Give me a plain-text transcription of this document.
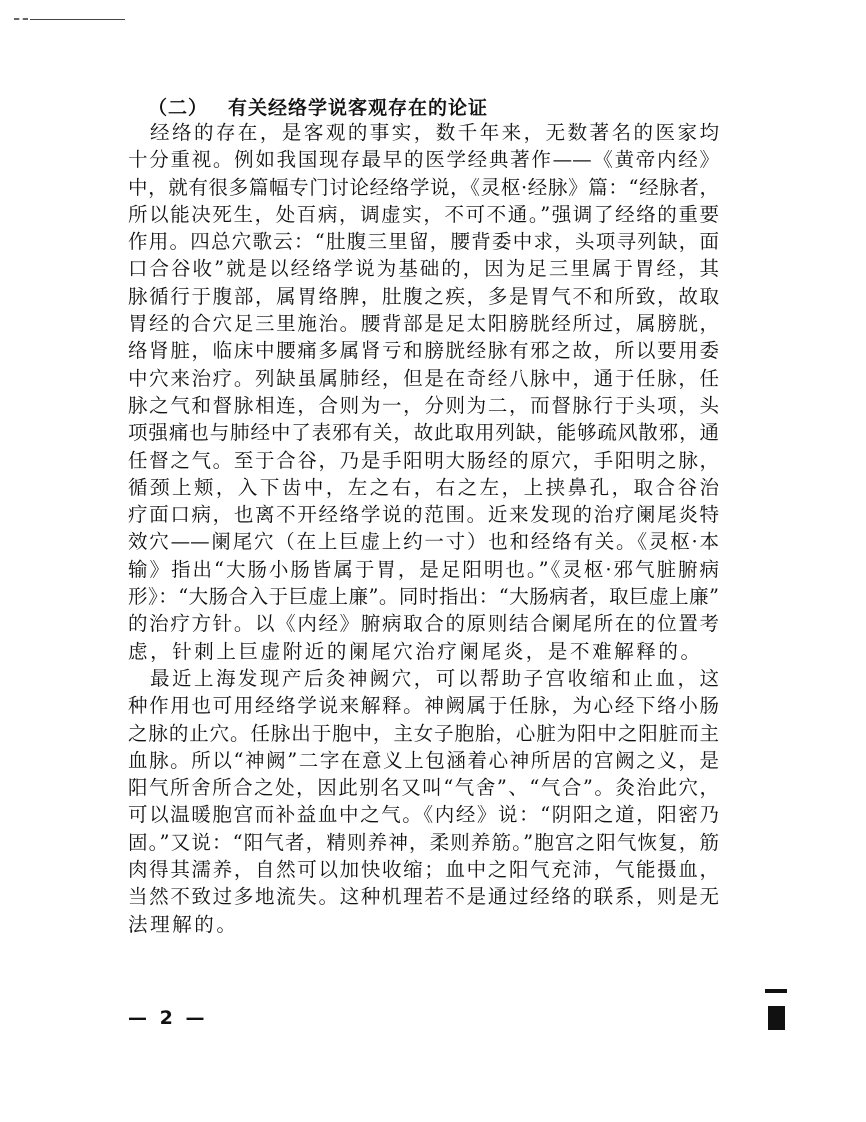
（二） 有关经络学说客观存在的论证
经络的存在，是客观的事实，数千年来，无数著名的医家均
十分重视。例如我国现存最早的医学经典著作——《黄帝内经》
中，就有很多篇幅专门讨论经络学说，《灵枢·经脉》篇：“经脉者，
所以能决死生，处百病，调虚实，不可不通。”强调了经络的重要
作用。四总穴歌云：“肚腹三里留，腰背委中求，头项寻列缺，面
口合谷收”就是以经络学说为基础的，因为足三里属于胃经，其
脉循行于腹部，属胃络脾，肚腹之疾，多是胃气不和所致，故取
胃经的合穴足三里施治。腰背部是足太阳膀胱经所过，属膀胱，
络肾脏，临床中腰痛多属肾亏和膀胱经脉有邪之故，所以要用委
中穴来治疗。列缺虽属肺经，但是在奇经八脉中，通于任脉，任
脉之气和督脉相连，合则为一，分则为二，而督脉行于头项，头
项强痛也与肺经中了表邪有关，故此取用列缺，能够疏风散邪，通
任督之气。至于合谷，乃是手阳明大肠经的原穴，手阳明之脉，
循颈上颊，入下齿中，左之右，右之左，上挟鼻孔，取合谷治
疗面口病，也离不开经络学说的范围。近来发现的治疗阑尾炎特
效穴——阑尾穴（在上巨虚上约一寸）也和经络有关。《灵枢·本
输》指出“大肠小肠皆属于胃，是足阳明也。”《灵枢·邪气脏腑病
形》：“大肠合入于巨虚上廉”。同时指出：“大肠病者，取巨虚上廉”
的治疗方针。以《内经》腑病取合的原则结合阑尾所在的位置考
虑，针刺上巨虚附近的阑尾穴治疗阑尾炎，是不难解释的。
最近上海发现产后灸神阙穴，可以帮助子宫收缩和止血，这
种作用也可用经络学说来解释。神阙属于任脉，为心经下络小肠
之脉的止穴。任脉出于胞中，主女子胞胎，心脏为阳中之阳脏而主
血脉。所以“神阙”二字在意义上包涵着心神所居的宫阙之义，是
阳气所舍所合之处，因此别名又叫“气舍”、“气合”。灸治此穴，
可以温暖胞宫而补益血中之气。《内经》说：“阴阳之道，阳密乃
固。”又说：“阳气者，精则养神，柔则养筋。”胞宫之阳气恢复，筋
肉得其濡养，自然可以加快收缩；血中之阳气充沛，气能摄血，
当然不致过多地流失。这种机理若不是通过经络的联系，则是无
法理解的。
— 2 —
